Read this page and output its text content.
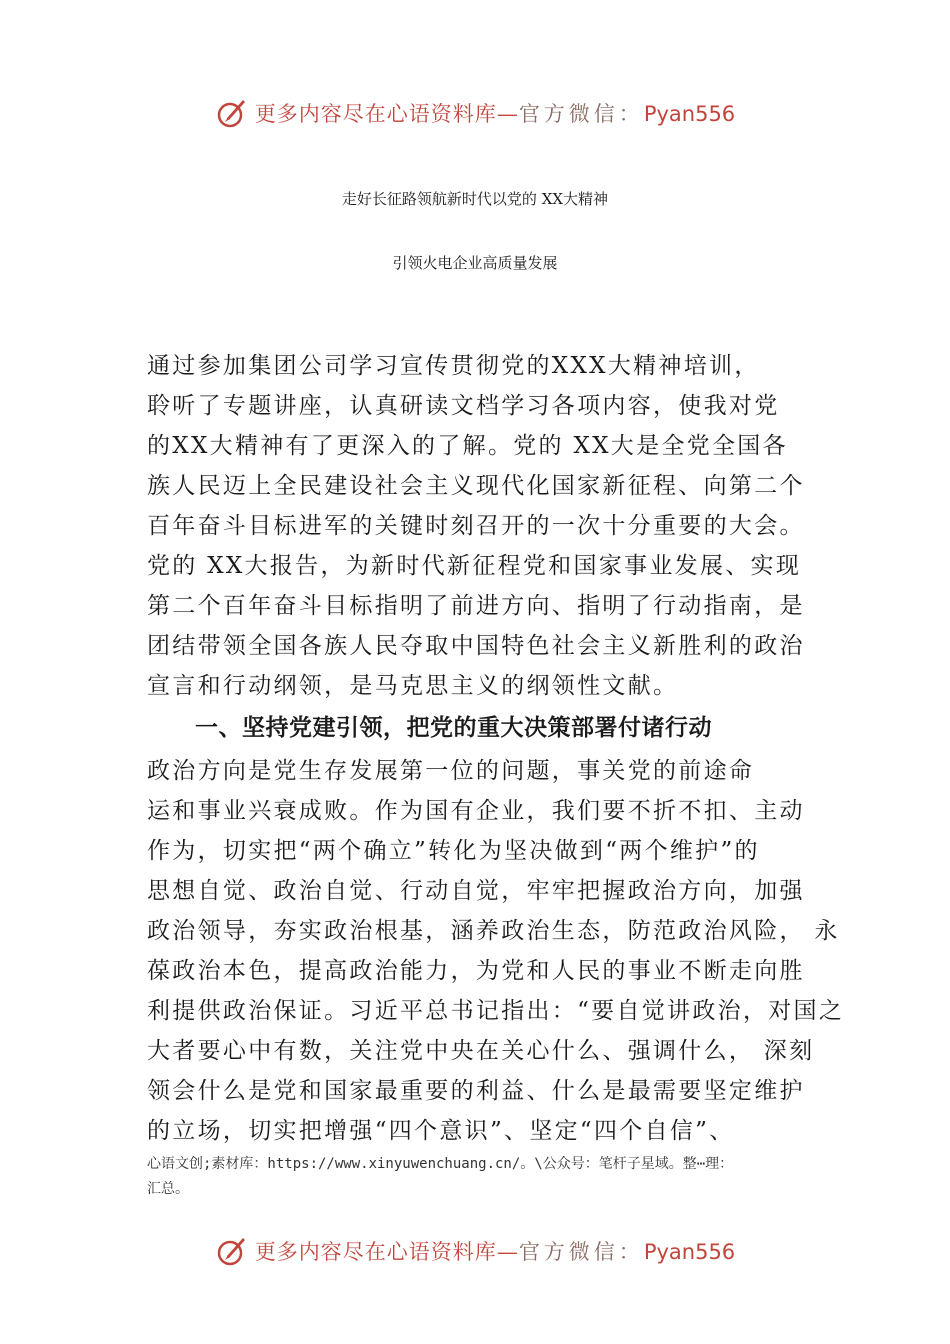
更多内容尽在心语资料库—官方微信：Pyan556
走好长征路领航新时代以党的 XX大精神
引领火电企业高质量发展
通过参加集团公司学习宣传贯彻党的XXX大精神培训，
聆听了专题讲座，认真研读文档学习各项内容，使我对党
的XX大精神有了更深入的了解。党的 XX大是全党全国各
族人民迈上全民建设社会主义现代化国家新征程、向第二个
百年奋斗目标进军的关键时刻召开的一次十分重要的大会。
党的 XX大报告，为新时代新征程党和国家事业发展、实现
第二个百年奋斗目标指明了前进方向、指明了行动指南，是
团结带领全国各族人民夺取中国特色社会主义新胜利的政治
宣言和行动纲领，是马克思主义的纲领性文献。
一、坚持党建引领，把党的重大决策部署付诸行动
政治方向是党生存发展第一位的问题，事关党的前途命
运和事业兴衰成败。作为国有企业，我们要不折不扣、主动
作为，切实把“两个确立”转化为坚决做到“两个维护”的
思想自觉、政治自觉、行动自觉，牢牢把握政治方向，加强
政治领导，夯实政治根基，涵养政治生态，防范政治风险， 永
葆政治本色，提高政治能力，为党和人民的事业不断走向胜
利提供政治保证。习近平总书记指出：“要自觉讲政治，对国之
大者要心中有数，关注党中央在关心什么、强调什么， 深刻
领会什么是党和国家最重要的利益、什么是最需要坚定维护
的立场，切实把增强“四个意识”、坚定“四个自信”、
心语文创;素材库：https://www.xinyuwenchuang.cn/。\公众号：笔杆子星域。整⋯理：
汇总。
更多内容尽在心语资料库—官方微信：Pyan556
